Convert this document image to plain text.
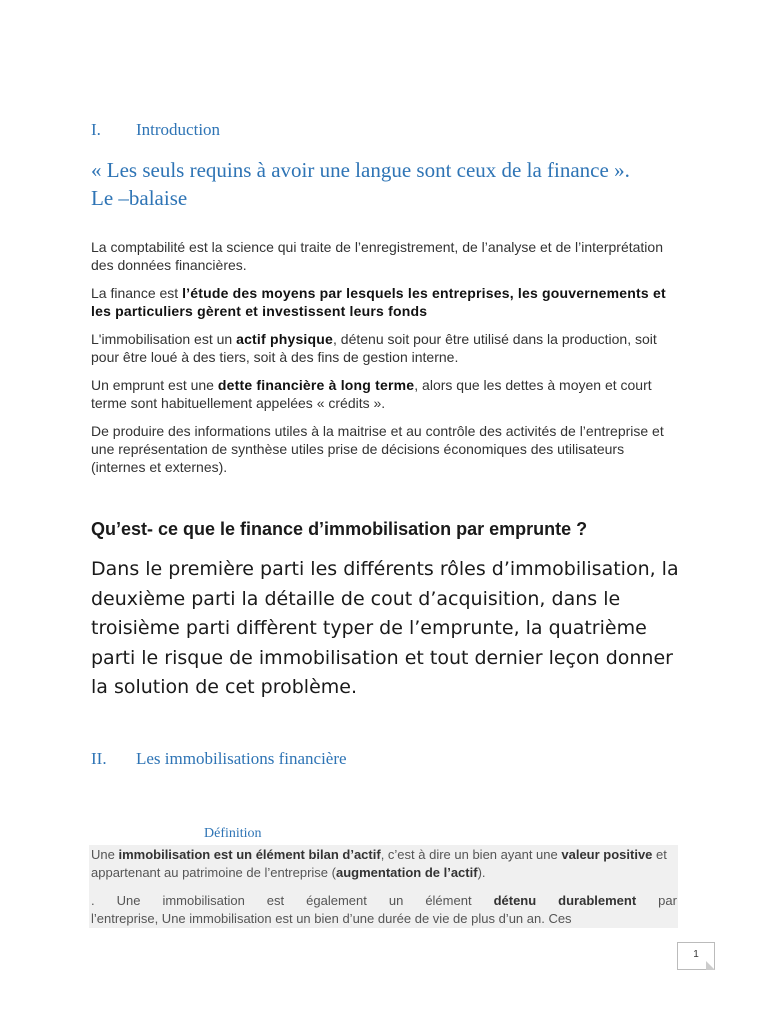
I. Introduction
« Les seuls requins à avoir une langue sont ceux de la finance ». Le –balaise
La comptabilité est la science qui traite de l’enregistrement, de l’analyse et de l’interprétation des données financières.
La finance est l’étude des moyens par lesquels les entreprises, les gouvernements et les particuliers gèrent et investissent leurs fonds
L'immobilisation est un actif physique, détenu soit pour être utilisé dans la production, soit pour être loué à des tiers, soit à des fins de gestion interne.
Un emprunt est une dette financière à long terme, alors que les dettes à moyen et court terme sont habituellement appelées « crédits ».
De produire des informations utiles à la maitrise et au contrôle des activités de l’entreprise et une représentation de synthèse utiles prise de décisions économiques des utilisateurs (internes et externes).
Qu’est- ce que le finance d’immobilisation par emprunte ?
Dans le première parti les différents rôles d’immobilisation, la deuxième parti la détaille de cout d’acquisition, dans le troisième parti diffèrent typer de l’emprunte, la quatrième parti le risque de immobilisation et tout dernier leçon donner la solution de cet problème.
II. Les immobilisations financière
Définition
Une immobilisation est un élément bilan d’actif, c’est à dire un bien ayant une valeur positive et appartenant au patrimoine de l’entreprise (augmentation de l’actif).
. Une immobilisation est également un élément détenu durablement par
l’entreprise, Une immobilisation est un bien d’une durée de vie de plus d’un an. Ces
1
